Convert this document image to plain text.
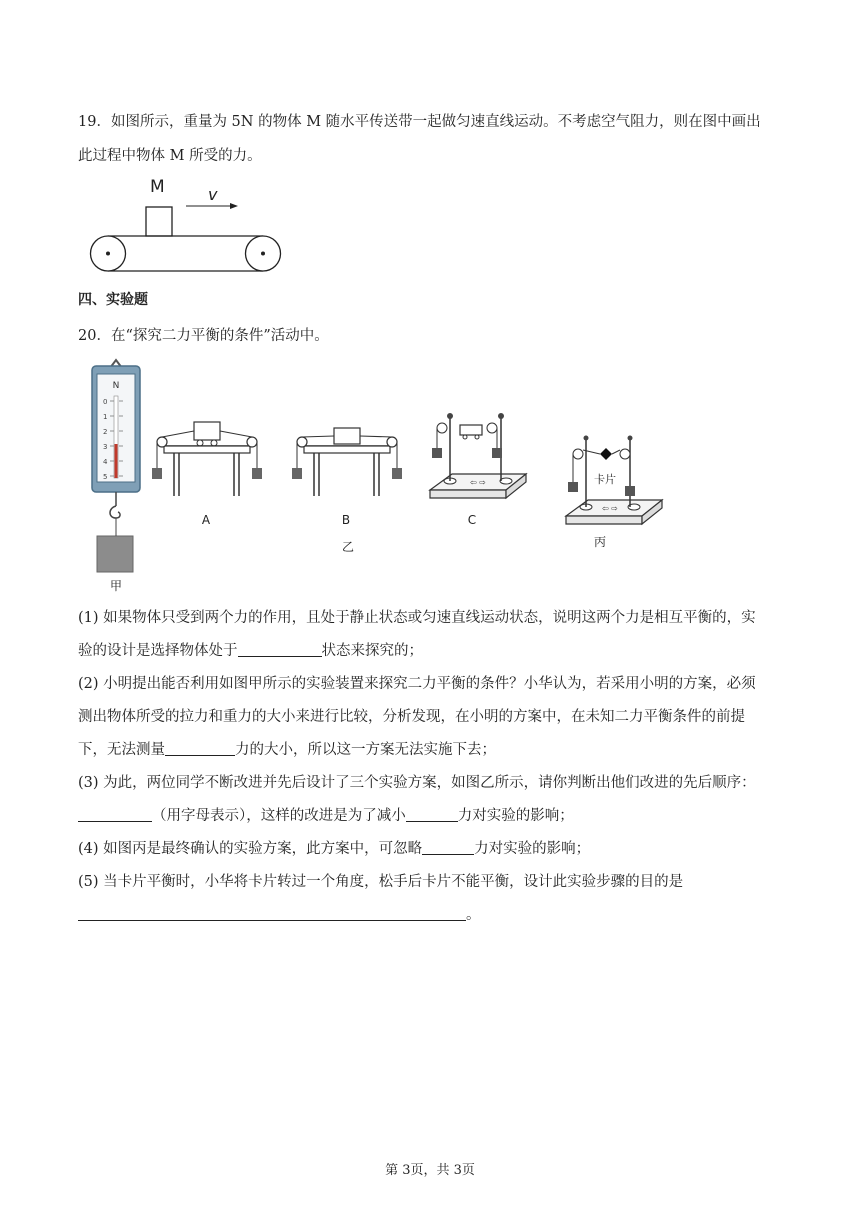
19．如图所示，重量为 5N 的物体 M 随水平传送带一起做匀速直线运动。不考虑空气阻力，则在图中画出
此过程中物体 M 所受的力。
M	v
四、实验题
20．在“探究二力平衡的条件”活动中。
N
0
1
2
3
4
5
甲
A	B
乙
⇦ ⇨
C
⇦ ⇨
卡片
丙
(1) 如果物体只受到两个力的作用，且处于静止状态或匀速直线运动状态，说明这两个力是相互平衡的，实
验的设计是选择物体处于	状态来探究的；
(2) 小明提出能否利用如图甲所示的实验装置来探究二力平衡的条件？小华认为，若采用小明的方案，必须
测出物体所受的拉力和重力的大小来进行比较，分析发现，在小明的方案中，在未知二力平衡条件的前提
下，无法测量	力的大小，所以这一方案无法实施下去；
(3) 为此，两位同学不断改进并先后设计了三个实验方案，如图乙所示，请你判断出他们改进的先后顺序：
（用字母表示），这样的改进是为了减小	力对实验的影响；
(4) 如图丙是最终确认的实验方案，此方案中，可忽略	力对实验的影响；
(5) 当卡片平衡时，小华将卡片转过一个角度，松手后卡片不能平衡，设计此实验步骤的目的是
。
第 3页，共 3页
